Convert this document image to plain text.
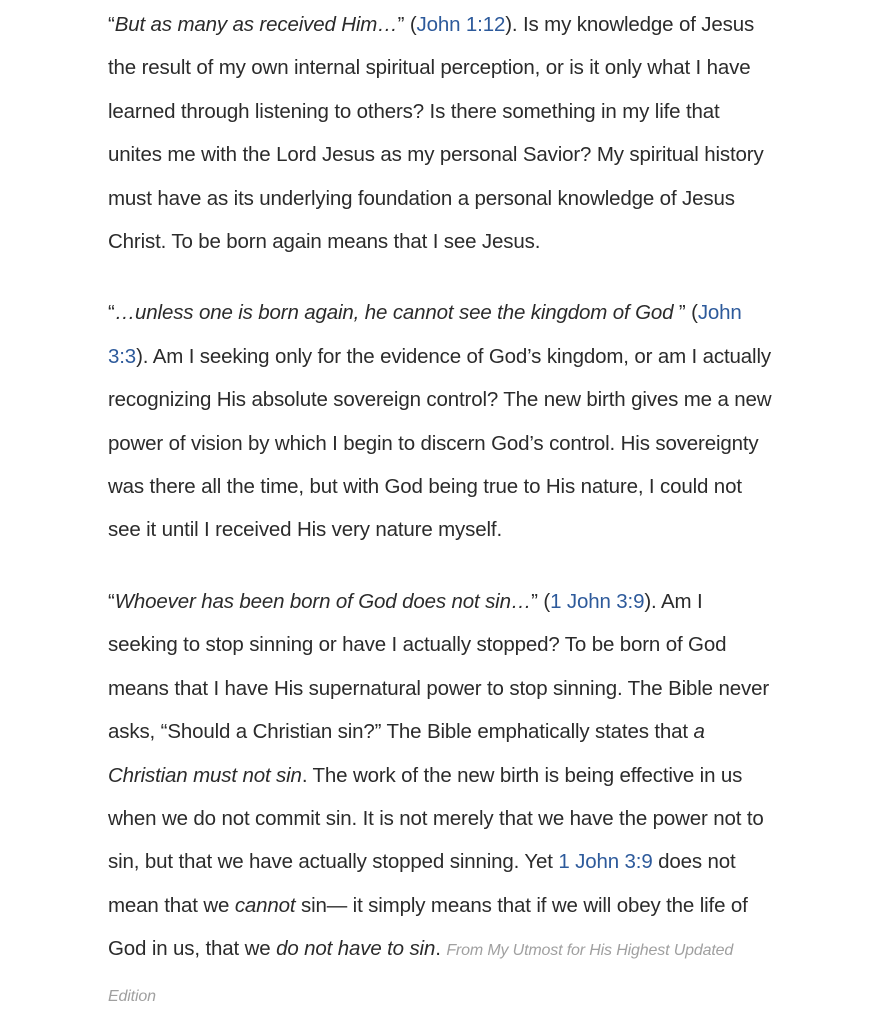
“But as many as received Him…” (John 1:12). Is my knowledge of Jesus the result of my own internal spiritual perception, or is it only what I have learned through listening to others? Is there something in my life that unites me with the Lord Jesus as my personal Savior? My spiritual history must have as its underlying foundation a personal knowledge of Jesus Christ. To be born again means that I see Jesus.

“…unless one is born again, he cannot see the kingdom of God ” (John 3:3). Am I seeking only for the evidence of God’s kingdom, or am I actually recognizing His absolute sovereign control? The new birth gives me a new power of vision by which I begin to discern God’s control. His sovereignty was there all the time, but with God being true to His nature, I could not see it until I received His very nature myself.

“Whoever has been born of God does not sin…” (1 John 3:9). Am I seeking to stop sinning or have I actually stopped? To be born of God means that I have His supernatural power to stop sinning. The Bible never asks, “Should a Christian sin?” The Bible emphatically states that a Christian must not sin. The work of the new birth is being effective in us when we do not commit sin. It is not merely that we have the power not to sin, but that we have actually stopped sinning. Yet 1 John 3:9 does not mean that we cannot sin— it simply means that if we will obey the life of God in us, that we do not have to sin. From My Utmost for His Highest Updated Edition
